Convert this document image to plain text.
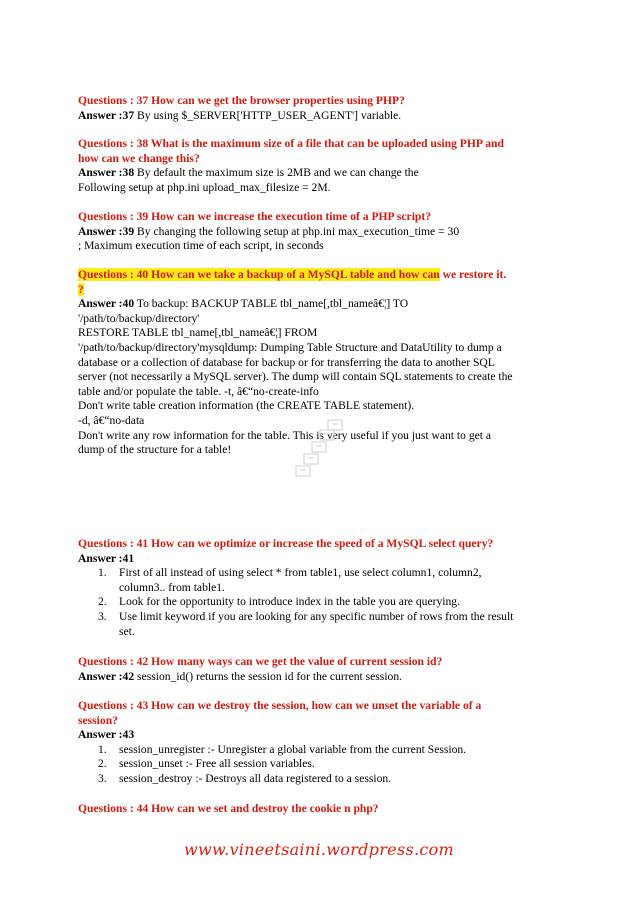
Questions : 37 How can we get the browser properties using PHP?
Answer :37 By using $_SERVER['HTTP_USER_AGENT'] variable.
Questions : 38 What is the maximum size of a file that can be uploaded using PHP and
how can we change this?
Answer :38 By default the maximum size is 2MB and we can change the
Following setup at php.ini upload_max_filesize = 2M.
Questions : 39 How can we increase the execution time of a PHP script?
Answer :39 By changing the following setup at php.ini max_execution_time = 30
; Maximum execution time of each script, in seconds
Questions : 40 How can we take a backup of a MySQL table and how can we restore it.
?
Answer :40 To backup: BACKUP TABLE tbl_name[,tbl_nameâ€¦] TO
'/path/to/backup/directory'
RESTORE TABLE tbl_name[,tbl_nameâ€¦] FROM
'/path/to/backup/directory'mysqldump: Dumping Table Structure and DataUtility to dump a
database or a collection of database for backup or for transferring the data to another SQL
server (not necessarily a MySQL server). The dump will contain SQL statements to create the
table and/or populate the table. -t, â€“no-create-info
Don't write table creation information (the CREATE TABLE statement).
-d, â€“no-data
Don't write any row information for the table. This is very useful if you just want to get a
dump of the structure for a table!
Questions : 41 How can we optimize or increase the speed of a MySQL select query?
Answer :41
1. First of all instead of using select * from table1, use select column1, column2,
column3.. from table1.
2. Look for the opportunity to introduce index in the table you are querying.
3. Use limit keyword if you are looking for any specific number of rows from the result
set.
Questions : 42 How many ways can we get the value of current session id?
Answer :42 session_id() returns the session id for the current session.
Questions : 43 How can we destroy the session, how can we unset the variable of a
session?
Answer :43
1. session_unregister :- Unregister a global variable from the current Session.
2. session_unset :- Free all session variables.
3. session_destroy :- Destroys all data registered to a session.
Questions : 44 How can we set and destroy the cookie n php?
www.vineetsaini.wordpress.com
